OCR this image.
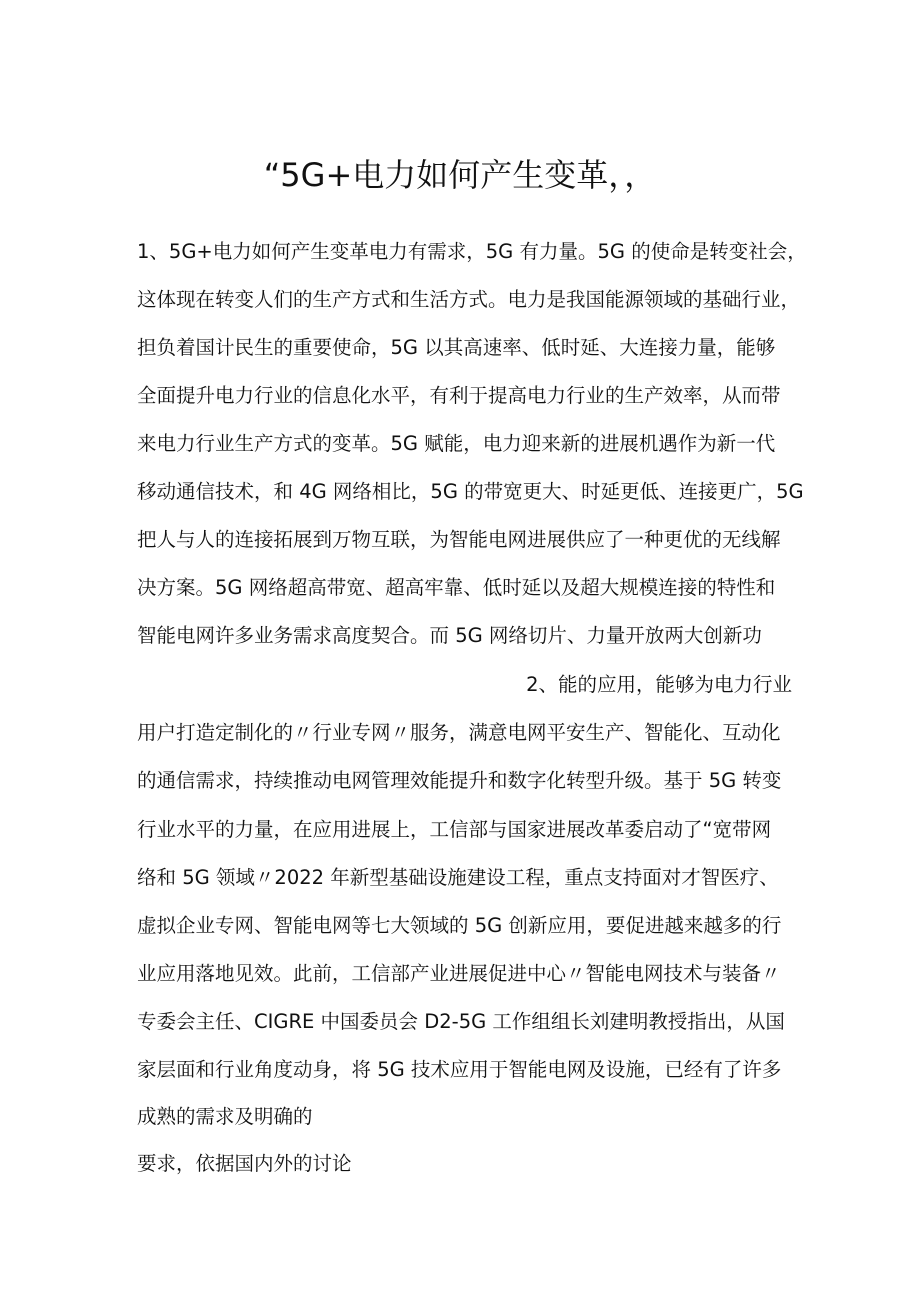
“5G+电力如何产生变革，，
1、5G+电力如何产生变革电力有需求，5G 有力量。5G 的使命是转变社会，
这体现在转变人们的生产方式和生活方式。电力是我国能源领域的基础行业，
担负着国计民生的重要使命，5G 以其高速率、低时延、大连接力量，能够
全面提升电力行业的信息化水平，有利于提高电力行业的生产效率，从而带
来电力行业生产方式的变革。5G 赋能，电力迎来新的进展机遇作为新一代
移动通信技术，和 4G 网络相比，5G 的带宽更大、时延更低、连接更广，5G
把人与人的连接拓展到万物互联，为智能电网进展供应了一种更优的无线解
决方案。5G 网络超高带宽、超高牢靠、低时延以及超大规模连接的特性和
智能电网许多业务需求高度契合。而 5G 网络切片、力量开放两大创新功
2、能的应用，能够为电力行业
用户打造定制化的〃行业专网〃服务，满意电网平安生产、智能化、互动化
的通信需求，持续推动电网管理效能提升和数字化转型升级。基于 5G 转变
行业水平的力量，在应用进展上，工信部与国家进展改革委启动了“宽带网
络和 5G 领域〃2022 年新型基础设施建设工程，重点支持面对才智医疗、
虚拟企业专网、智能电网等七大领域的 5G 创新应用，要促进越来越多的行
业应用落地见效。此前，工信部产业进展促进中心〃智能电网技术与装备〃
专委会主任、CIGRE 中国委员会 D2-5G 工作组组长刘建明教授指出，从国
家层面和行业角度动身，将 5G 技术应用于智能电网及设施，已经有了许多
成熟的需求及明确的
要求，依据国内外的讨论
